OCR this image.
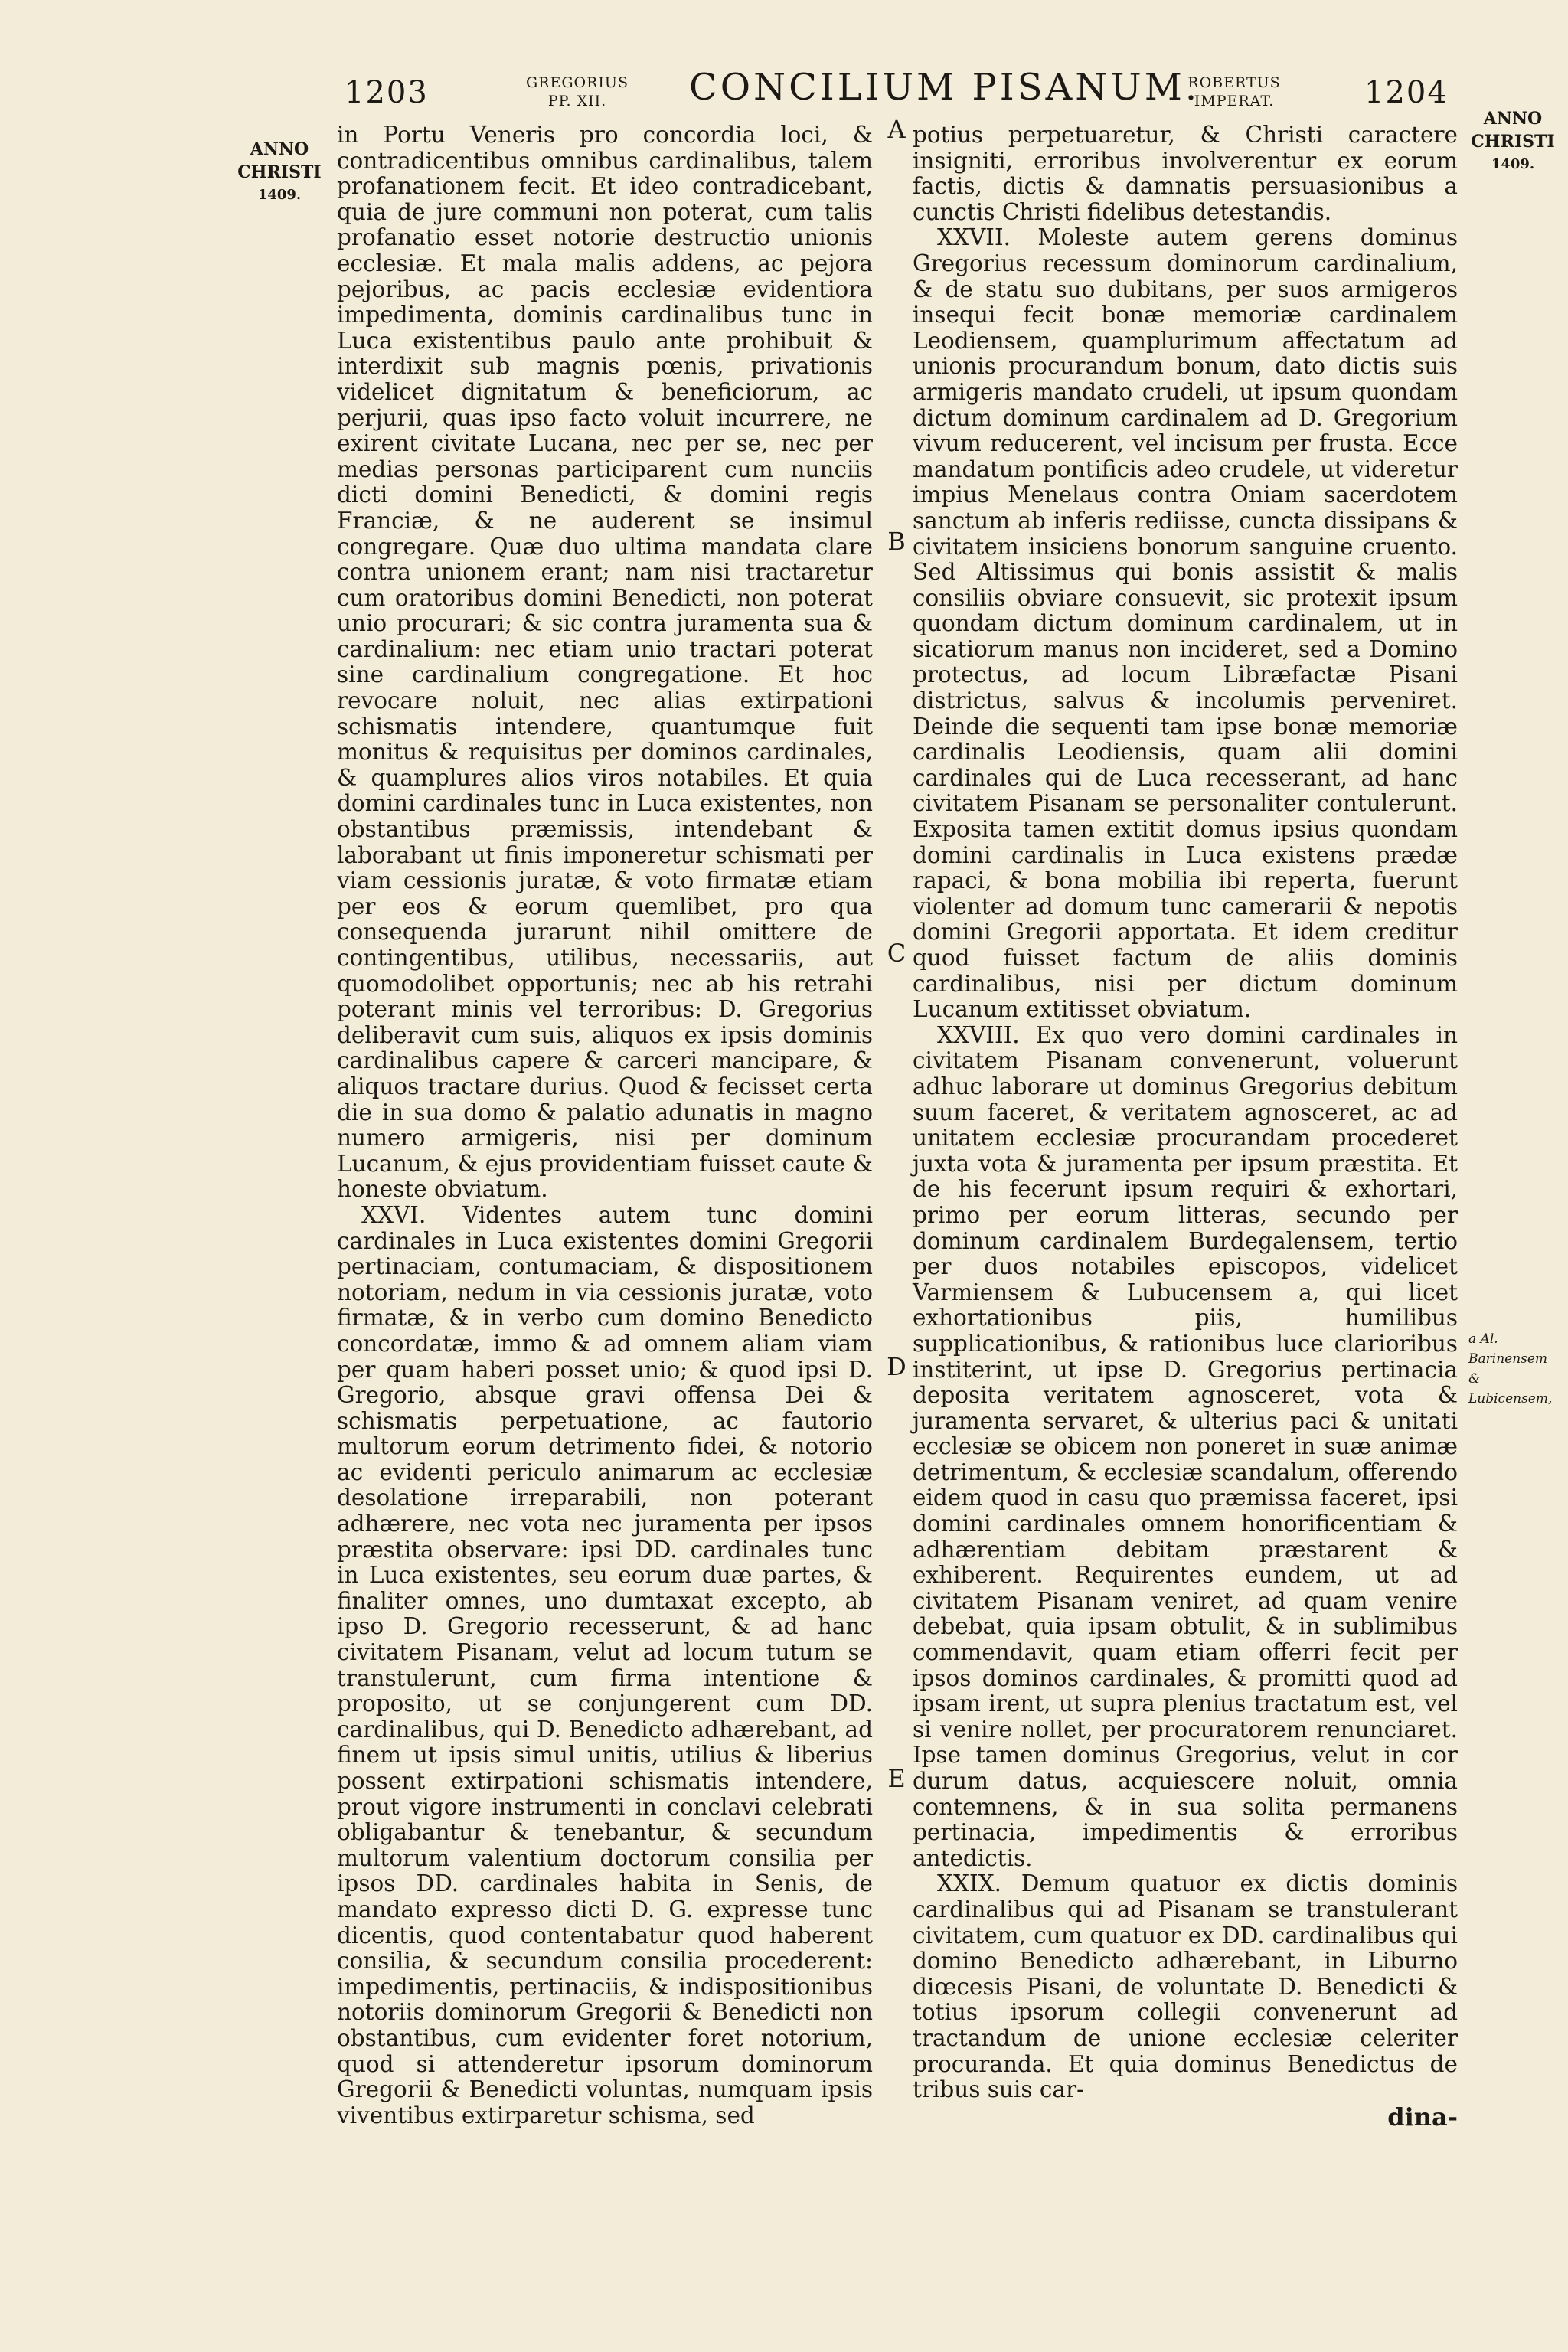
1203	GREGORIUS
PP. XII.	CONCILIUM PISANUM.
ROBERTUS
IMPERAT.	1204
ANNO
CHRISTI
1409.
ANNO
CHRISTI
1409.
a Al. Barinensem & Lubicensem,
A
B
C
D
E

in Portu Veneris pro concordia loci, & contradicentibus omnibus cardinalibus, talem profanationem fecit. Et ideo contradicebant, quia de jure communi non poterat, cum talis profanatio esset notorie destructio unionis ecclesiæ. Et mala malis addens, ac pejora pejoribus, ac pacis ecclesiæ evidentiora impedimenta, dominis cardinalibus tunc in Luca existentibus paulo ante prohibuit & interdixit sub magnis pœnis, privationis videlicet dignitatum & beneficiorum, ac perjurii, quas ipso facto voluit incurrere, ne exirent civitate Lucana, nec per se, nec per medias personas participarent cum nunciis dicti domini Benedicti, & domini regis Franciæ, & ne auderent se insimul congregare. Quæ duo ultima mandata clare contra unionem erant; nam nisi tractaretur cum oratoribus domini Benedicti, non poterat unio procurari; & sic contra juramenta sua & cardinalium: nec etiam unio tractari poterat sine cardinalium congregatione. Et hoc revocare noluit, nec alias extirpationi schismatis intendere, quantumque fuit monitus & requisitus per dominos cardinales, & quamplures alios viros notabiles. Et quia domini cardinales tunc in Luca existentes, non obstantibus præmissis, intendebant & laborabant ut finis imponeretur schismati per viam cessionis juratæ, & voto firmatæ etiam per eos & eorum quemlibet, pro qua consequenda jurarunt nihil omittere de contingentibus, utilibus, necessariis, aut quomodolibet opportunis; nec ab his retrahi poterant minis vel terroribus: D. Gregorius deliberavit cum suis, aliquos ex ipsis dominis cardinalibus capere & carceri mancipare, & aliquos tractare durius. Quod & fecisset certa die in sua domo & palatio adunatis in magno numero armigeris, nisi per dominum Lucanum, & ejus providentiam fuisset caute & honeste obviatum.

XXVI. Videntes autem tunc domini cardinales in Luca existentes domini Gregorii pertinaciam, contumaciam, & dispositionem notoriam, nedum in via cessionis juratæ, voto firmatæ, & in verbo cum domino Benedicto concordatæ, immo & ad omnem aliam viam per quam haberi posset unio; & quod ipsi D. Gregorio, absque gravi offensa Dei & schismatis perpetuatione, ac fautorio multorum eorum detrimento fidei, & notorio ac evidenti periculo animarum ac ecclesiæ desolatione irreparabili, non poterant adhærere, nec vota nec juramenta per ipsos præstita observare: ipsi DD. cardinales tunc in Luca existentes, seu eorum duæ partes, & finaliter omnes, uno dumtaxat excepto, ab ipso D. Gregorio recesserunt, & ad hanc civitatem Pisanam, velut ad locum tutum se transtulerunt, cum firma intentione & proposito, ut se conjungerent cum DD. cardinalibus, qui D. Benedicto adhærebant, ad finem ut ipsis simul unitis, utilius & liberius possent extirpationi schismatis intendere, prout vigore instrumenti in conclavi celebrati obligabantur & tenebantur, & secundum multorum valentium doctorum consilia per ipsos DD. cardinales habita in Senis, de mandato expresso dicti D. G. expresse tunc dicentis, quod contentabatur quod haberent consilia, & secundum consilia procederent: impedimentis, pertinaciis, & indispositionibus notoriis dominorum Gregorii & Benedicti non obstantibus, cum evidenter foret notorium, quod si attenderetur ipsorum dominorum Gregorii & Benedicti voluntas, numquam ipsis viventibus extirparetur schisma, sed

potius perpetuaretur, & Christi caractere insigniti, erroribus involverentur ex eorum factis, dictis & damnatis persuasionibus a cunctis Christi fidelibus detestandis.

XXVII. Moleste autem gerens dominus Gregorius recessum dominorum cardinalium, & de statu suo dubitans, per suos armigeros insequi fecit bonæ memoriæ cardinalem Leodiensem, quamplurimum affectatum ad unionis procurandum bonum, dato dictis suis armigeris mandato crudeli, ut ipsum quondam dictum dominum cardinalem ad D. Gregorium vivum reducerent, vel incisum per frusta. Ecce mandatum pontificis adeo crudele, ut videretur impius Menelaus contra Oniam sacerdotem sanctum ab inferis rediisse, cuncta dissipans & civitatem insiciens bonorum sanguine cruento. Sed Altissimus qui bonis assistit & malis consiliis obviare consuevit, sic protexit ipsum quondam dictum dominum cardinalem, ut in sicatiorum manus non incideret, sed a Domino protectus, ad locum Libræfactæ Pisani districtus, salvus & incolumis perveniret. Deinde die sequenti tam ipse bonæ memoriæ cardinalis Leodiensis, quam alii domini cardinales qui de Luca recesserant, ad hanc civitatem Pisanam se personaliter contulerunt. Exposita tamen extitit domus ipsius quondam domini cardinalis in Luca existens prædæ rapaci, & bona mobilia ibi reperta, fuerunt violenter ad domum tunc camerarii & nepotis domini Gregorii apportata. Et idem creditur quod fuisset factum de aliis dominis cardinalibus, nisi per dictum dominum Lucanum extitisset obviatum.

XXVIII. Ex quo vero domini cardinales in civitatem Pisanam convenerunt, voluerunt adhuc laborare ut dominus Gregorius debitum suum faceret, & veritatem agnosceret, ac ad unitatem ecclesiæ procurandam procederet juxta vota & juramenta per ipsum præstita. Et de his fecerunt ipsum requiri & exhortari, primo per eorum litteras, secundo per dominum cardinalem Burdegalensem, tertio per duos notabiles episcopos, videlicet Varmiensem & Lubucensem a, qui licet exhortationibus piis, humilibus supplicationibus, & rationibus luce clarioribus institerint, ut ipse D. Gregorius pertinacia deposita veritatem agnosceret, vota & juramenta servaret, & ulterius paci & unitati ecclesiæ se obicem non poneret in suæ animæ detrimentum, & ecclesiæ scandalum, offerendo eidem quod in casu quo præmissa faceret, ipsi domini cardinales omnem honorificentiam & adhærentiam debitam præstarent & exhiberent. Requirentes eundem, ut ad civitatem Pisanam veniret, ad quam venire debebat, quia ipsam obtulit, & in sublimibus commendavit, quam etiam offerri fecit per ipsos dominos cardinales, & promitti quod ad ipsam irent, ut supra plenius tractatum est, vel si venire nollet, per procuratorem renunciaret. Ipse tamen dominus Gregorius, velut in cor durum datus, acquiescere noluit, omnia contemnens, & in sua solita permanens pertinacia, impedimentis & erroribus antedictis.

XXIX. Demum quatuor ex dictis dominis cardinalibus qui ad Pisanam se transtulerant civitatem, cum quatuor ex DD. cardinalibus qui domino Benedicto adhærebant, in Liburno diœcesis Pisani, de voluntate D. Benedicti & totius ipsorum collegii convenerunt ad tractandum de unione ecclesiæ celeriter procuranda. Et quia dominus Benedictus de tribus suis car-

dina-
